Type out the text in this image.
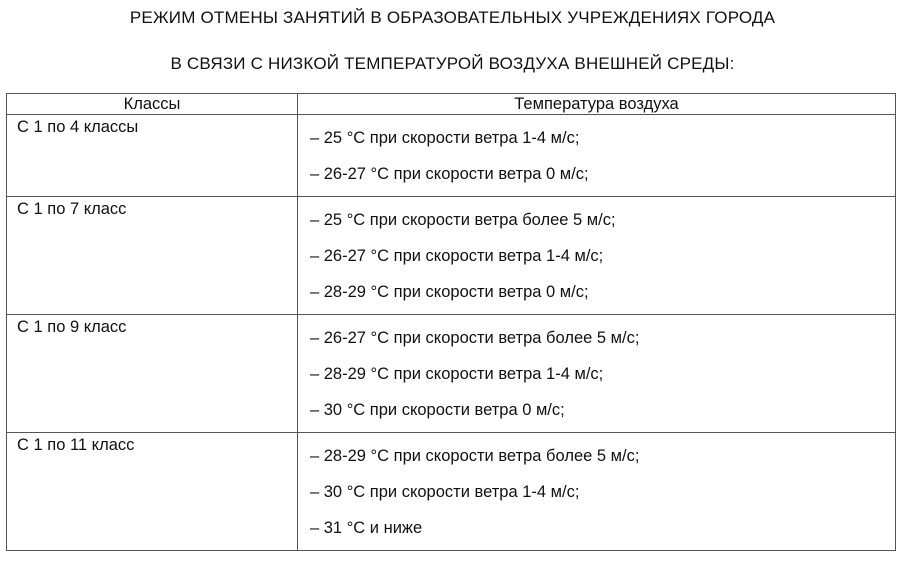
РЕЖИМ ОТМЕНЫ ЗАНЯТИЙ В ОБРАЗОВАТЕЛЬНЫХ УЧРЕЖДЕНИЯХ ГОРОДА
В СВЯЗИ С НИЗКОЙ ТЕМПЕРАТУРОЙ ВОЗДУХА ВНЕШНЕЙ СРЕДЫ:
Классы	Температура воздуха
С 1 по 4 классы	– 25 °С при скорости ветра 1-4 м/с;
– 26-27 °С при скорости ветра 0 м/с;

С 1 по 7 класс	– 25 °С при скорости ветра более 5 м/с;
– 26-27 °С при скорости ветра 1-4 м/с;
– 28-29 °С при скорости ветра 0 м/с;

С 1 по 9 класс	– 26-27 °С при скорости ветра более 5 м/с;
– 28-29 °С при скорости ветра 1-4 м/с;
– 30 °С при скорости ветра 0 м/с;

С 1 по 11 класс	– 28-29 °С при скорости ветра более 5 м/с;
– 30 °С при скорости ветра 1-4 м/с;
– 31 °С и ниже
